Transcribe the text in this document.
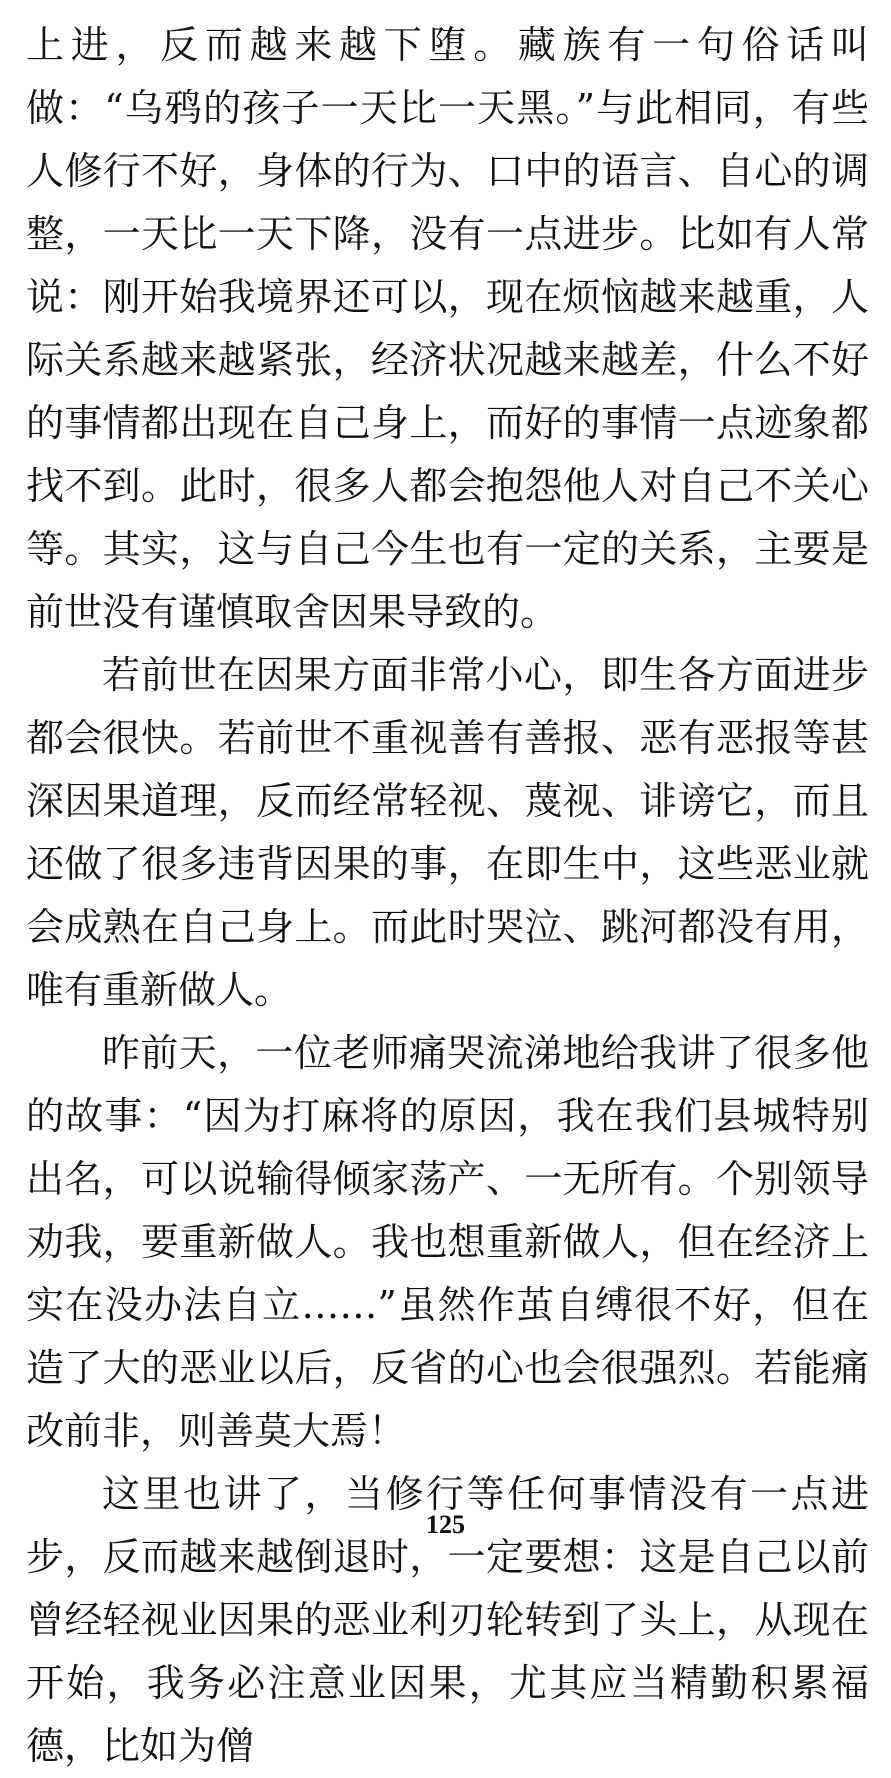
上进，反而越来越下堕。藏族有一句俗话叫做：“乌鸦的孩子一天比一天黑。”与此相同，有些人修行不好，身体的行为、口中的语言、自心的调整，一天比一天下降，没有一点进步。比如有人常说：刚开始我境界还可以，现在烦恼越来越重，人际关系越来越紧张，经济状况越来越差，什么不好的事情都出现在自己身上，而好的事情一点迹象都找不到。此时，很多人都会抱怨他人对自己不关心等。其实，这与自己今生也有一定的关系，主要是前世没有谨慎取舍因果导致的。

若前世在因果方面非常小心，即生各方面进步都会很快。若前世不重视善有善报、恶有恶报等甚深因果道理，反而经常轻视、蔑视、诽谤它，而且还做了很多违背因果的事，在即生中，这些恶业就会成熟在自己身上。而此时哭泣、跳河都没有用，唯有重新做人。

昨前天，一位老师痛哭流涕地给我讲了很多他的故事：“因为打麻将的原因，我在我们县城特别出名，可以说输得倾家荡产、一无所有。个别领导劝我，要重新做人。我也想重新做人，但在经济上实在没办法自立……”虽然作茧自缚很不好，但在造了大的恶业以后，反省的心也会很强烈。若能痛改前非，则善莫大焉！

这里也讲了，当修行等任何事情没有一点进步，反而越来越倒退时，一定要想：这是自己以前曾经轻视业因果的恶业利刃轮转到了头上，从现在开始，我务必注意业因果，尤其应当精勤积累福德，比如为僧

125
